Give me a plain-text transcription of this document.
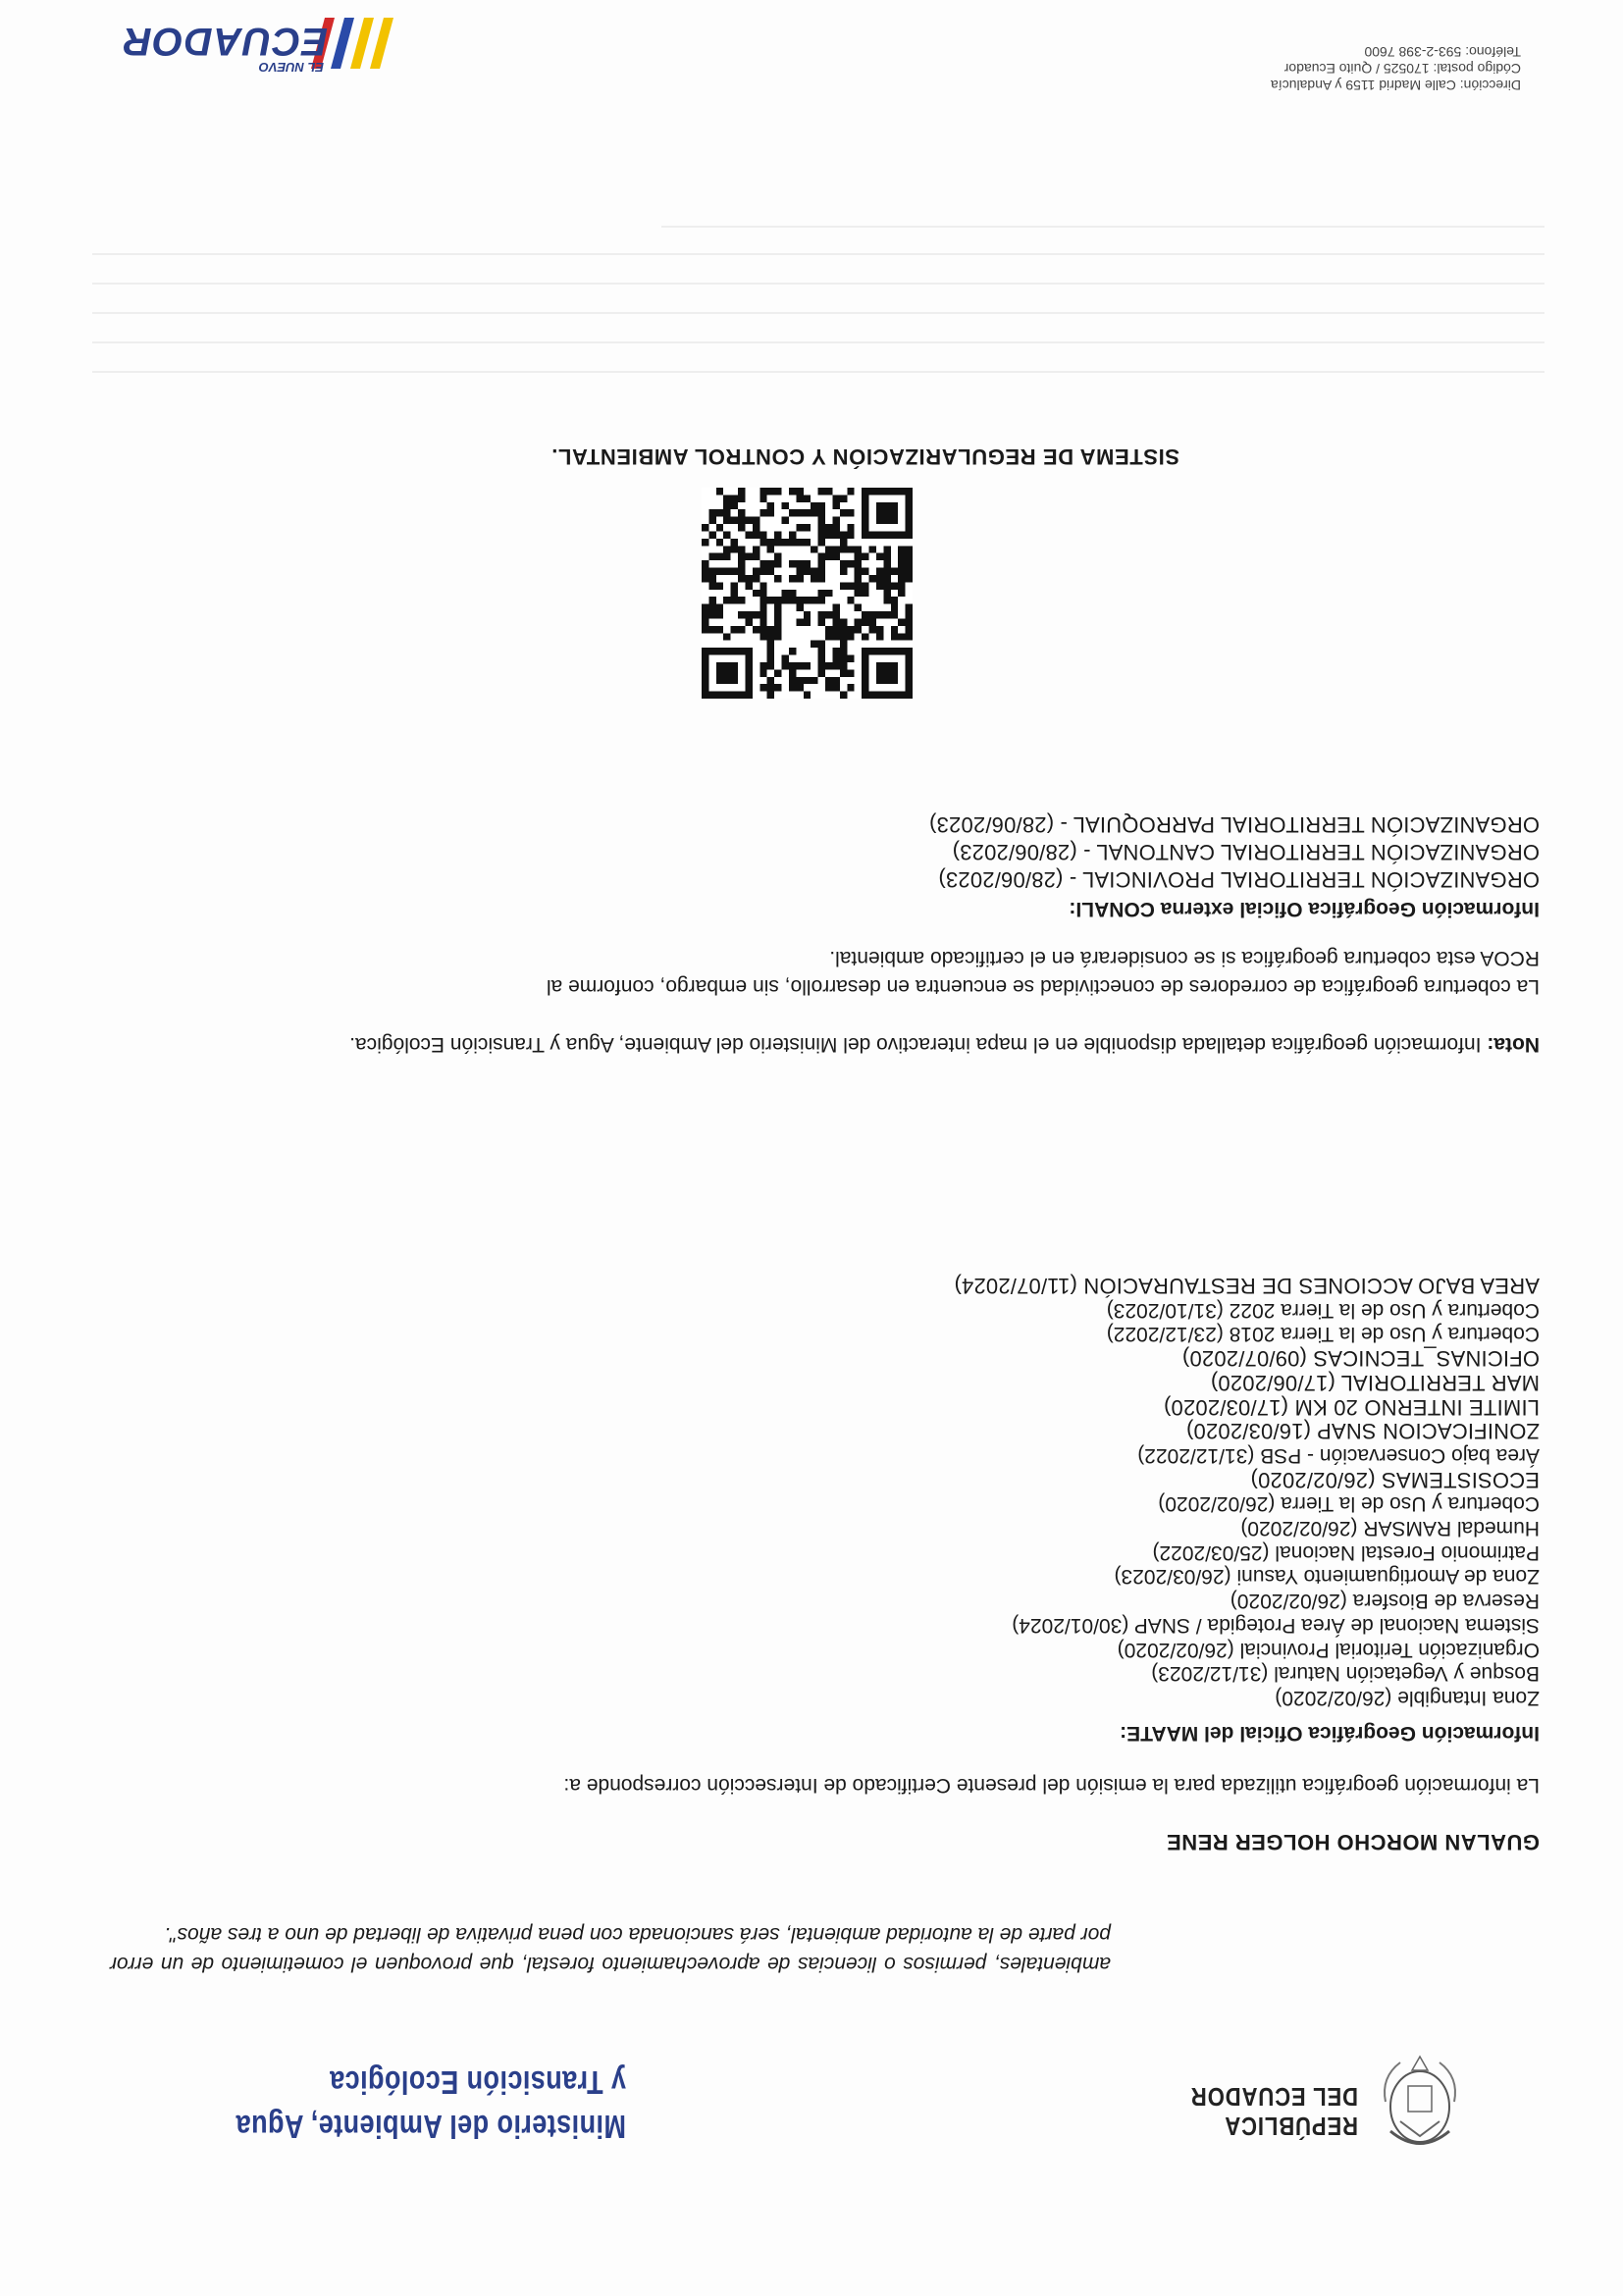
REPÚBLICA
DEL ECUADOR
Ministerio del Ambiente, Agua
y Transición Ecológica
ambientales, permisos o licencias de aprovechamiento forestal, que provoquen el cometimiento de un error por parte de la autoridad ambiental, será sancionada con pena privativa de libertad de uno a tres años".
GUALAN MORCHO HOLGER RENE
La información geográfica utilizada para la emisión del presente Certificado de Intersección corresponde a:
Información Geográfica Oficial del MAATE:
Zona Intangible (26/02/2020)
Bosque y Vegetación Natural (31/12/2023)
Organización Teritorial Provincial (26/02/2020)
Sistema Nacional de Área Protegida / SNAP (30/01/2024)
Reserva de Biosfera (26/02/2020)
Zona de Amortiguamiento Yasuni (26/03/2023)
Patrimonio Forestal Nacional (25/03/2022)
Humedal RAMSAR (26/02/2020)
Cobertura y Uso de la Tierra (26/02/2020)
ECOSISTEMAS (26/02/2020)
Área bajo Conservación - PSB (31/12/2022)
ZONIFICACION SNAP (16/03/2020)
LIMITE INTERNO 20 KM (17/03/2020)
MAR TERRITORIAL (17/06/2020)
OFICINAS_TECNICAS (09/07/2020)
Cobertura y Uso de la Tierra 2018 (23/12/2022)
Cobertura y Uso de la Tierra 2022 (31/10/2023)
AREA BAJO ACCIONES DE RESTAURACIÓN (11/07/2024)
Nota: Información geográfica detallada disponible en el mapa interactivo del Ministerio del Ambiente, Agua y Transición Ecológica.
La cobertura geográfica de corredores de conectividad se encuentra en desarrollo, sin embargo, conforme al RCOA esta cobertura geográfica si se considerará en el certificado ambiental.
Información Geográfica Oficial externa CONALI:
ORGANIZACIÓN TERRITORIAL PROVINCIAL - (28/06/2023)
ORGANIZACIÓN TERRITORIAL CANTONAL - (28/06/2023)
ORGANIZACIÓN TERRITORIAL PARROQUIAL - (28/06/2023)
SISTEMA DE REGULARIZACIÓN Y CONTROL AMBIENTAL.
Dirección: Calle Madrid 1159 y Andalucía
Código postal: 170525 / Quito Ecuador
Teléfono: 593-2-398 7600
EL NUEVO
ECUADOR
